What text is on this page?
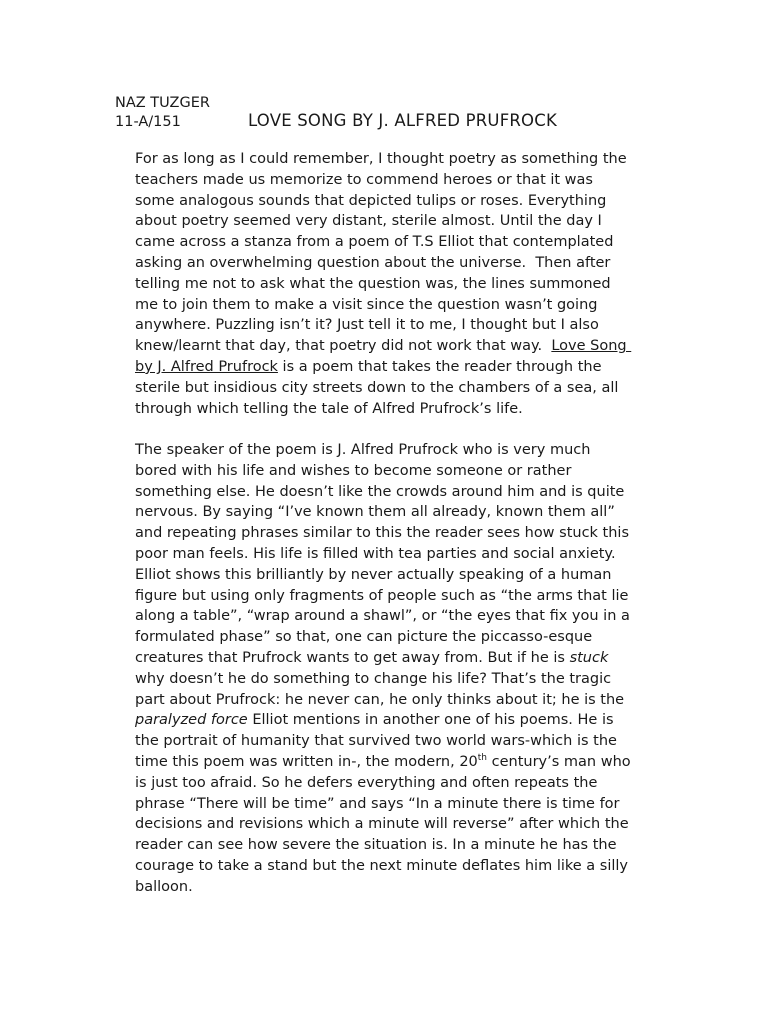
NAZ TUZGER
11-A/151	LOVE SONG BY J. ALFRED PRUFROCK
For as long as I could remember, I thought poetry as something the
teachers made us memorize to commend heroes or that it was
some analogous sounds that depicted tulips or roses. Everything
about poetry seemed very distant, sterile almost. Until the day I
came across a stanza from a poem of T.S Elliot that contemplated
asking an overwhelming question about the universe.  Then after
telling me not to ask what the question was, the lines summoned
me to join them to make a visit since the question wasn’t going
anywhere. Puzzling isn’t it? Just tell it to me, I thought but I also
knew/learnt that day, that poetry did not work that way.  Love Song
by J. Alfred Prufrock is a poem that takes the reader through the
sterile but insidious city streets down to the chambers of a sea, all
through which telling the tale of Alfred Prufrock’s life.
The speaker of the poem is J. Alfred Prufrock who is very much
bored with his life and wishes to become someone or rather
something else. He doesn’t like the crowds around him and is quite
nervous. By saying “I’ve known them all already, known them all”
and repeating phrases similar to this the reader sees how stuck this
poor man feels. His life is filled with tea parties and social anxiety.
Elliot shows this brilliantly by never actually speaking of a human
figure but using only fragments of people such as “the arms that lie
along a table”, “wrap around a shawl”, or “the eyes that fix you in a
formulated phase” so that, one can picture the piccasso-esque
creatures that Prufrock wants to get away from. But if he is stuck
why doesn’t he do something to change his life? That’s the tragic
part about Prufrock: he never can, he only thinks about it; he is the
paralyzed force Elliot mentions in another one of his poems. He is
the portrait of humanity that survived two world wars-which is the
time this poem was written in-, the modern, 20th century’s man who
is just too afraid. So he defers everything and often repeats the
phrase “There will be time” and says “In a minute there is time for
decisions and revisions which a minute will reverse” after which the
reader can see how severe the situation is. In a minute he has the
courage to take a stand but the next minute deflates him like a silly
balloon.
